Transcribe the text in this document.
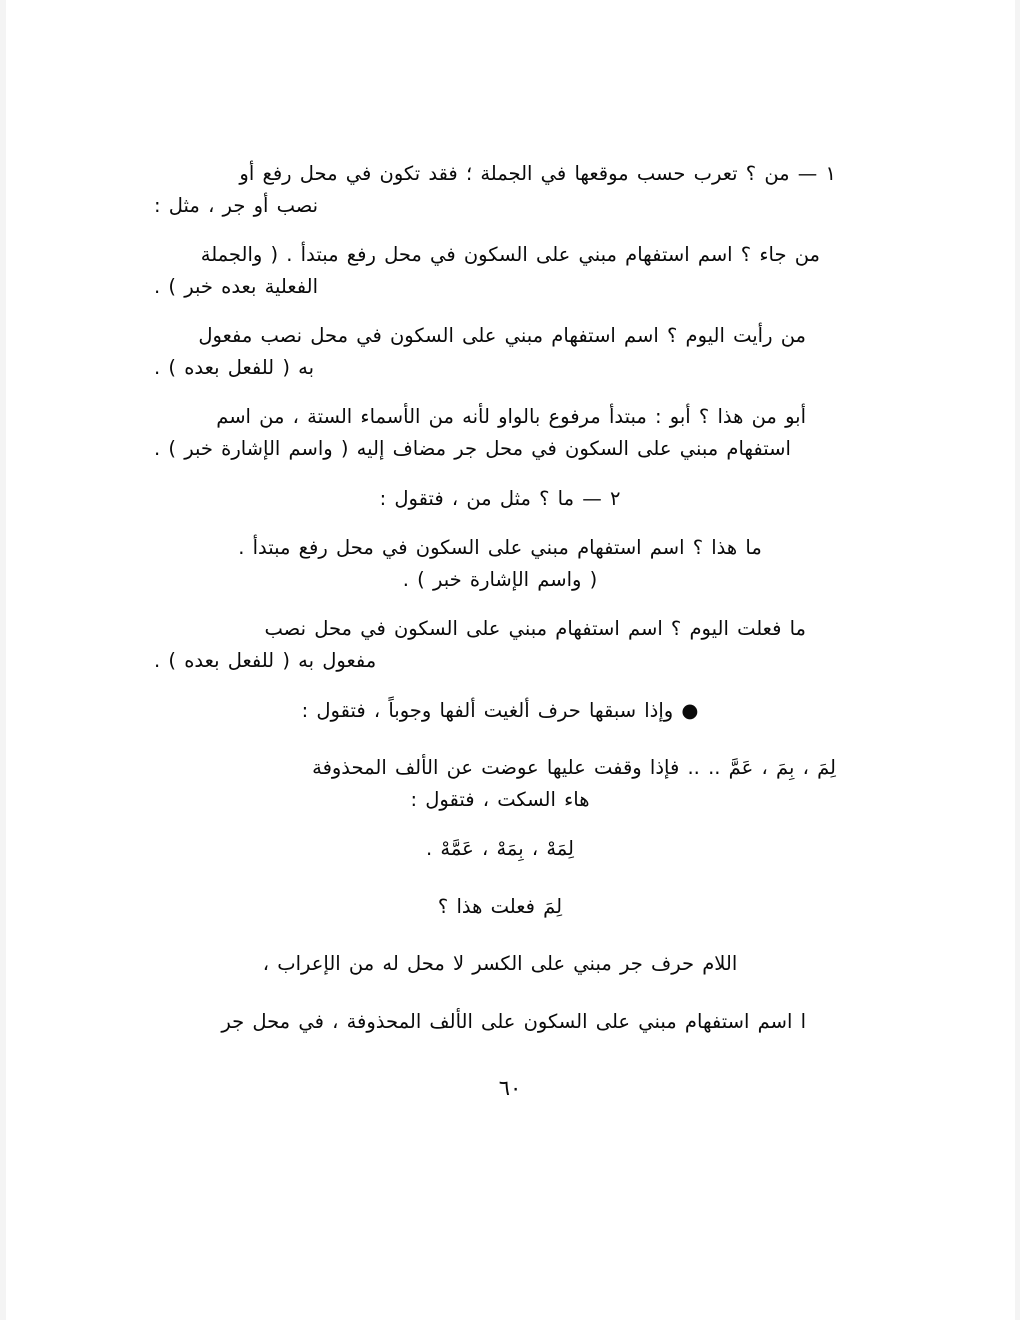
١ — من ؟ تعرب حسب موقعها في الجملة ؛ فقد تكون في محل رفع أو
نصب أو جر ، مثل :

من جاء ؟ اسم استفهام مبني على السكون في محل رفع مبتدأ . ( والجملة
الفعلية بعده خبر ) .

من رأيت اليوم ؟ اسم استفهام مبني على السكون في محل نصب مفعول
به ( للفعل بعده ) .

أبو من هذا ؟ أبو : مبتدأ مرفوع بالواو لأنه من الأسماء الستة ، من اسم
استفهام مبني على السكون في محل جر مضاف إليه ( واسم الإشارة خبر ) .

٢ — ما ؟ مثل من ، فتقول :

ما هذا ؟ اسم استفهام مبني على السكون في محل رفع مبتدأ .
( واسم الإشارة خبر ) .

ما فعلت اليوم ؟ اسم استفهام مبني على السكون في محل نصب
مفعول به ( للفعل بعده ) .

● وإذا سبقها حرف ألغيت ألفها وجوباً ، فتقول :

لِمَ ، بِمَ ، عَمَّ .. .. فإذا وقفت عليها عوضت عن الألف المحذوفة
هاء السكت ، فتقول :

لِمَهْ ، بِمَهْ ، عَمَّهْ .

لِمَ فعلت هذا ؟

اللام حرف جر مبني على الكسر لا محل له من الإعراب ،

ا اسم استفهام مبني على السكون على الألف المحذوفة ، في محل جر

٦٠
